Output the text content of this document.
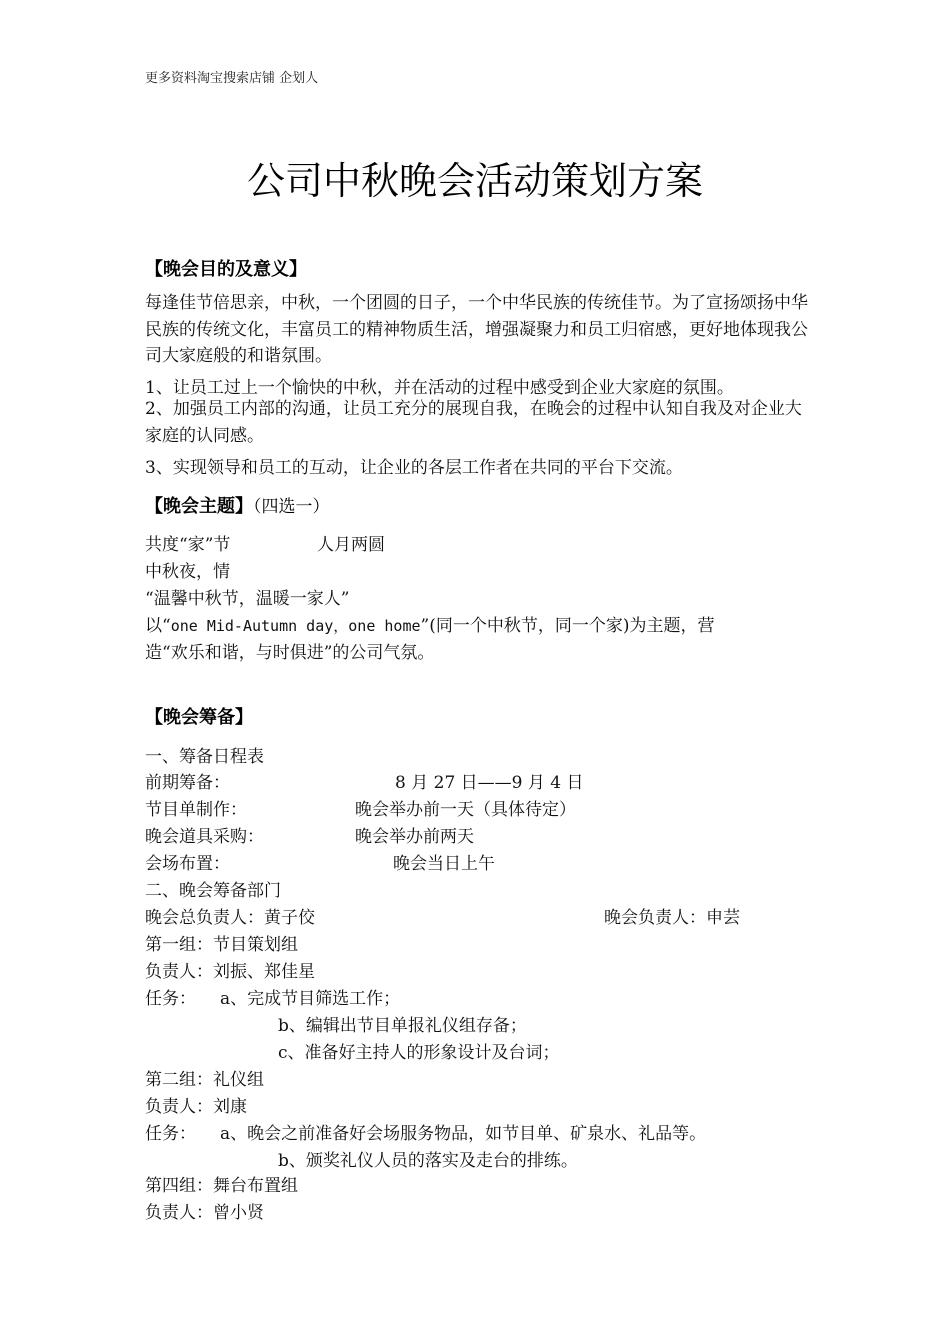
更多资料淘宝搜索店铺 企划人
公司中秋晚会活动策划方案
【晚会目的及意义】
每逢佳节倍思亲，中秋，一个团圆的日子，一个中华民族的传统佳节。为了宣扬颂扬中华民族的传统文化，丰富员工的精神物质生活，增强凝聚力和员工归宿感，更好地体现我公司大家庭般的和谐氛围。
1、让员工过上一个愉快的中秋，并在活动的过程中感受到企业大家庭的氛围。
2、加强员工内部的沟通，让员工充分的展现自我，在晚会的过程中认知自我及对企业大家庭的认同感。
3、实现领导和员工的互动，让企业的各层工作者在共同的平台下交流。
【晚会主题】（四选一）
共度“家”节	人月两圆
中秋夜，情
“温馨中秋节，温暖一家人”
以“one Mid-Autumn day，one home”(同一个中秋节，同一个家)为主题，营
造“欢乐和谐，与时俱进”的公司气氛。
【晚会筹备】
一、筹备日程表
前期筹备：	8 月 27 日——9 月 4 日
节目单制作：	晚会举办前一天（具体待定）
晚会道具采购：	晚会举办前两天
会场布置：	晚会当日上午
二、晚会筹备部门
晚会总负责人：黄子佼	晚会负责人：申芸
第一组：节目策划组
负责人：刘振、郑佳星
任务： a、完成节目筛选工作；
b、编辑出节目单报礼仪组存备；
c、准备好主持人的形象设计及台词；
第二组：礼仪组
负责人：刘康
任务： a、晚会之前准备好会场服务物品，如节目单、矿泉水、礼品等。
b、颁奖礼仪人员的落实及走台的排练。
第四组：舞台布置组
负责人：曾小贤
